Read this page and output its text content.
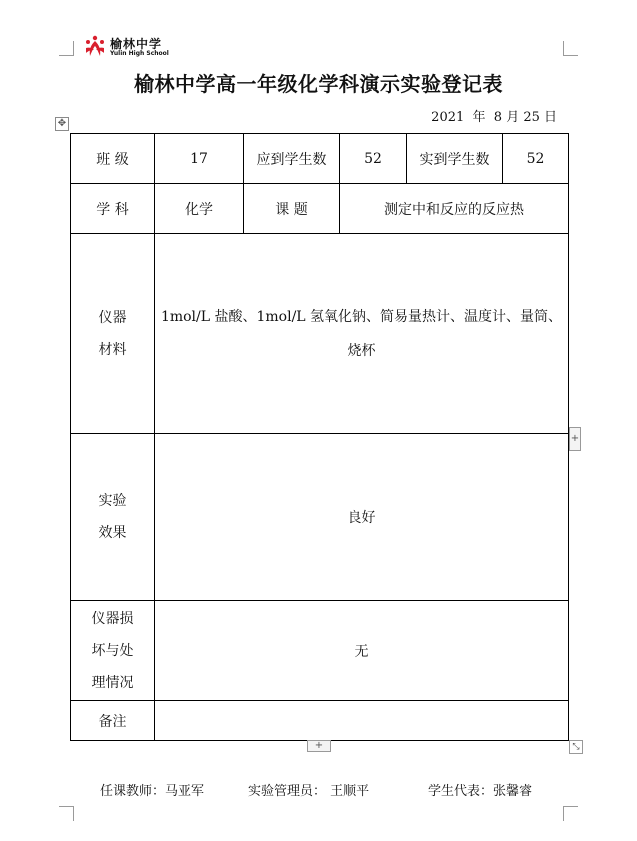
榆林中学
Yulin High School
榆林中学高一年级化学科演示实验登记表
2021  年  8 月 25 日
✥
班 级	17	应到学生数	52	实到学生数	52
学 科	化学	课 题	测定中和反应的反应热		

仪器
材料	1mol/L 盐酸、1mol/L 氢氧化钠、简易量热计、温度计、量筒、烧杯				

实验
效果	良好				

仪器损
坏与处
理情况	无				
备注					
+
+	⤡
任课教师：马亚军	实验管理员： 王顺平	学生代表：张馨睿
